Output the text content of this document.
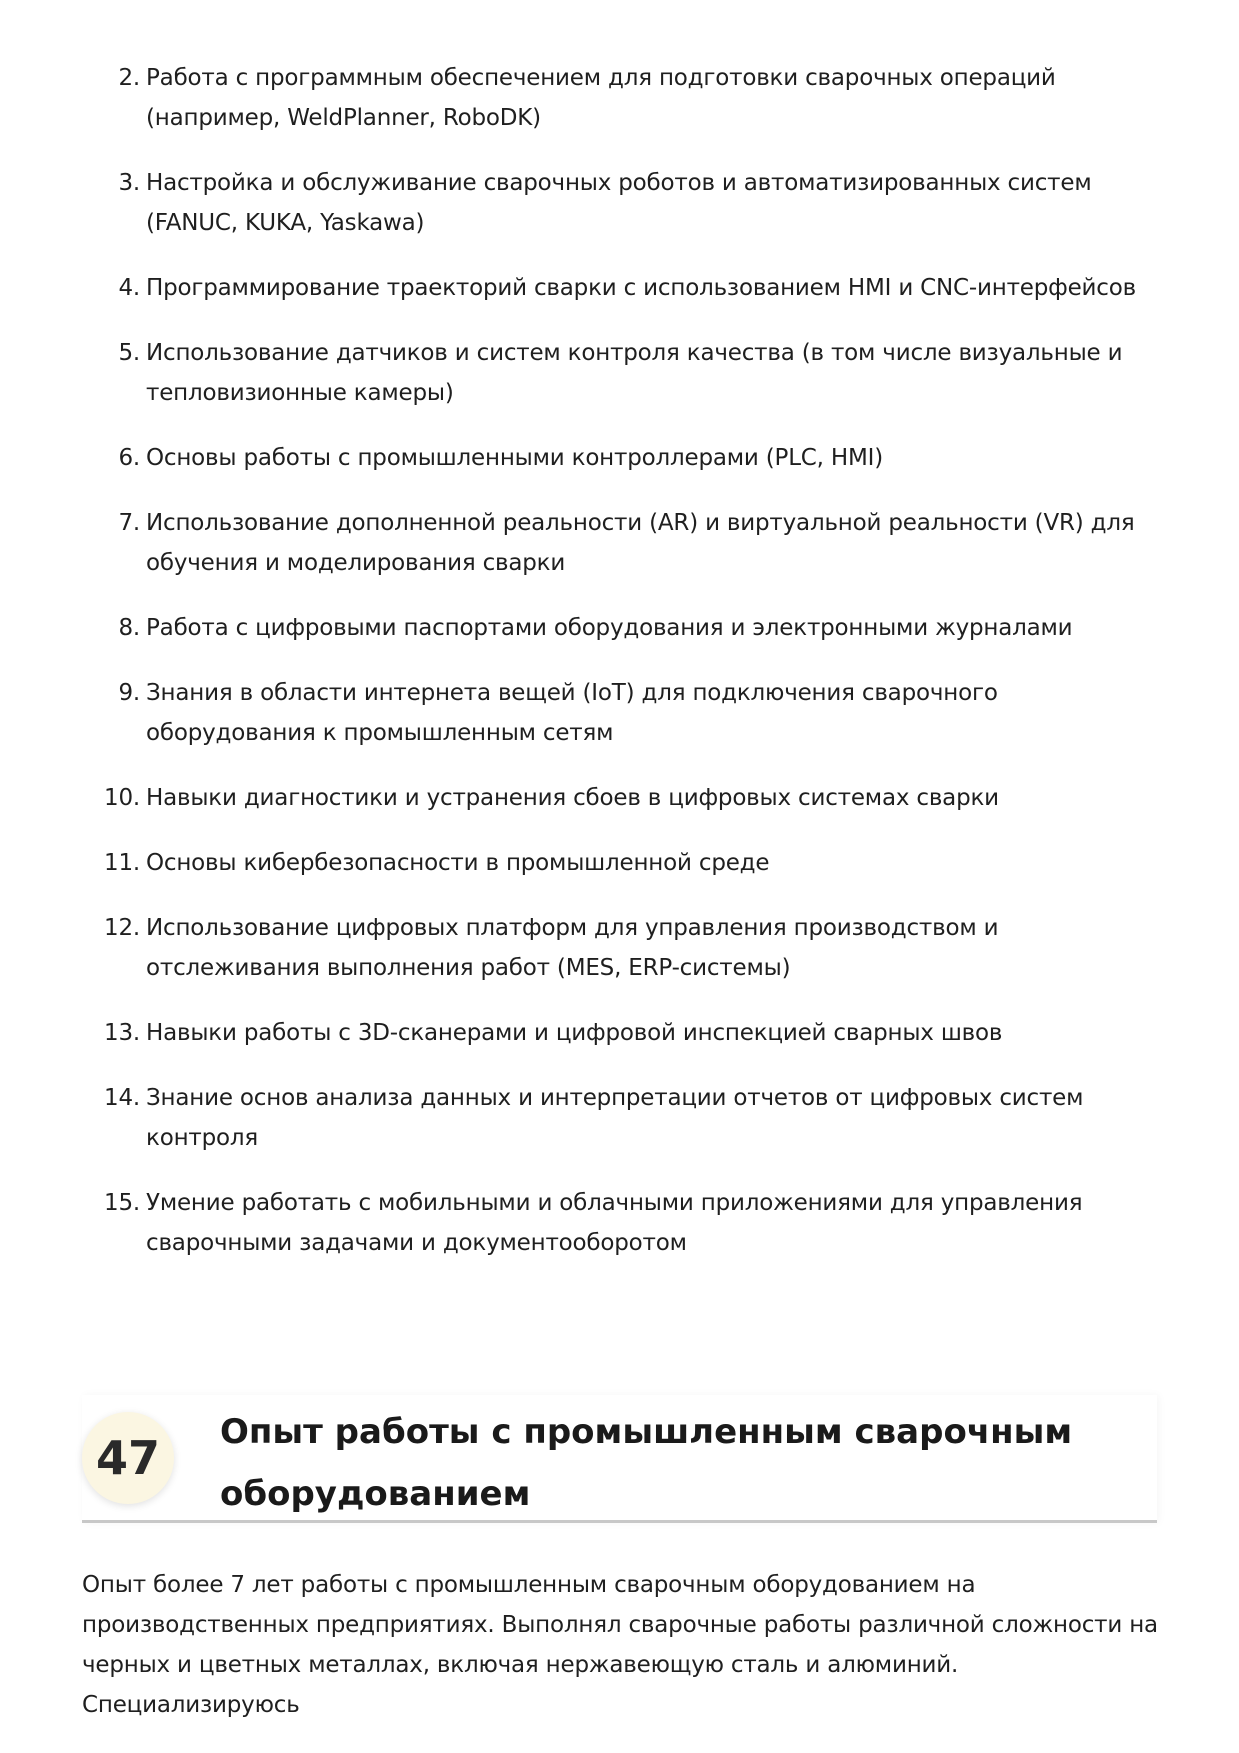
2. Работа с программным обеспечением для подготовки сварочных операций (например, WeldPlanner, RoboDK)
3. Настройка и обслуживание сварочных роботов и автоматизированных систем (FANUC, KUKA, Yaskawa)
4. Программирование траекторий сварки с использованием HMI и CNC-интерфейсов
5. Использование датчиков и систем контроля качества (в том числе визуальные и тепловизионные камеры)
6. Основы работы с промышленными контроллерами (PLC, HMI)
7. Использование дополненной реальности (AR) и виртуальной реальности (VR) для обучения и моделирования сварки
8. Работа с цифровыми паспортами оборудования и электронными журналами
9. Знания в области интернета вещей (IoT) для подключения сварочного оборудования к промышленным сетям
10. Навыки диагностики и устранения сбоев в цифровых системах сварки
11. Основы кибербезопасности в промышленной среде
12. Использование цифровых платформ для управления производством и отслеживания выполнения работ (MES, ERP-системы)
13. Навыки работы с 3D-сканерами и цифровой инспекцией сварных швов
14. Знание основ анализа данных и интерпретации отчетов от цифровых систем контроля
15. Умение работать с мобильными и облачными приложениями для управления сварочными задачами и документооборотом
47	Опыт работы с промышленным сварочным оборудованием

Опыт более 7 лет работы с промышленным сварочным оборудованием на производственных предприятиях. Выполнял сварочные работы различной сложности на черных и цветных металлах, включая нержавеющую сталь и алюминий. Специализируюсь
